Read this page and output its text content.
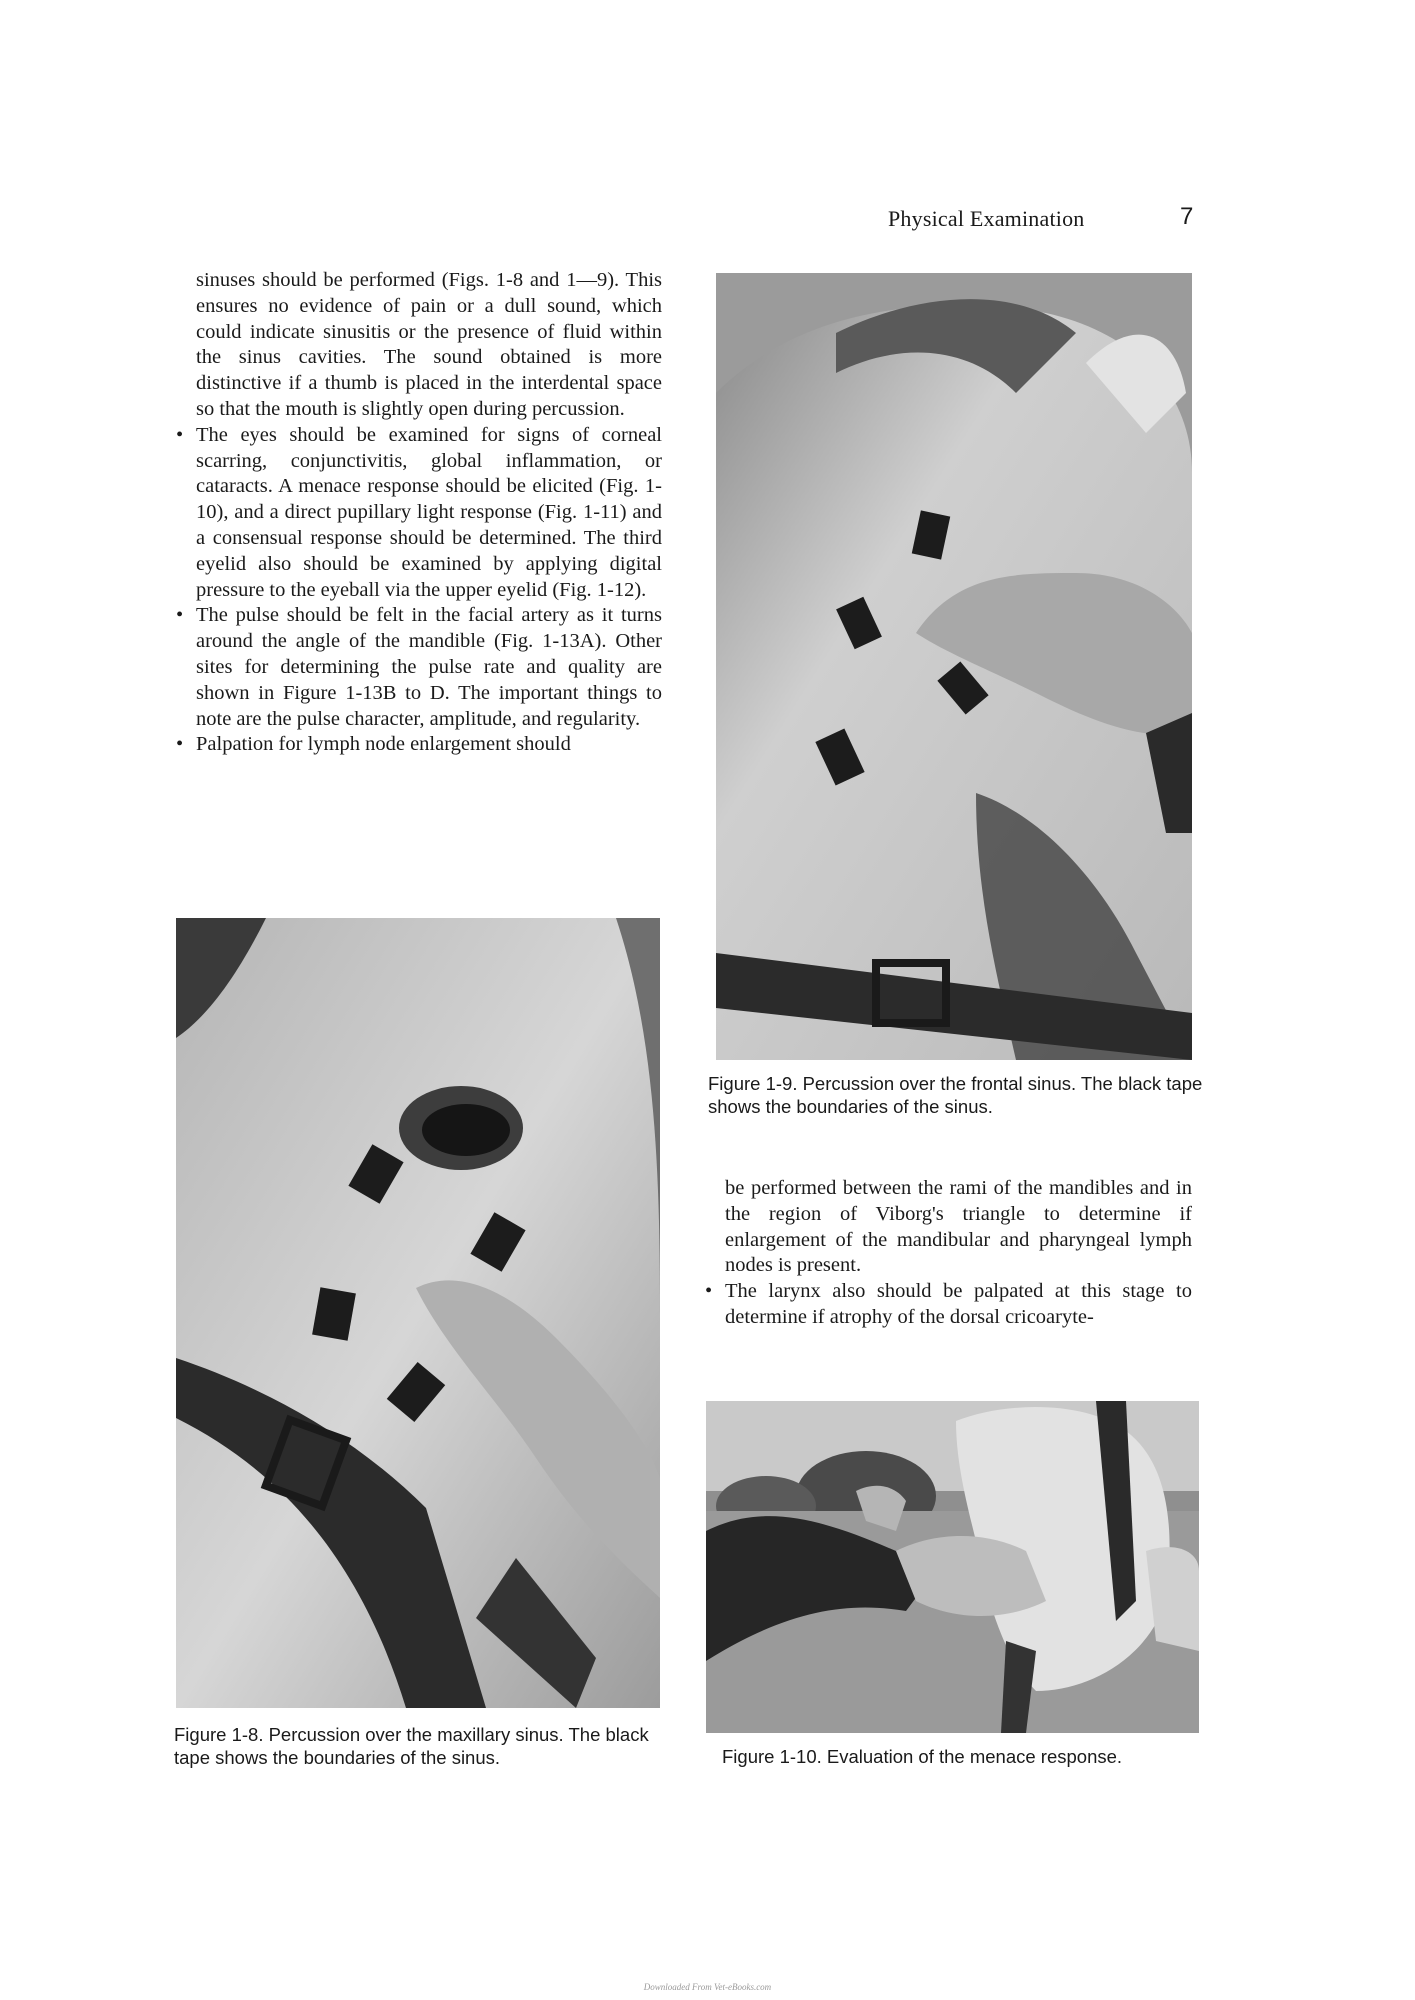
Physical Examination	7

sinuses should be performed (Figs. 1-8 and 1—9). This ensures no evidence of pain or a dull sound, which could indicate sinusitis or the presence of fluid within the sinus cavities. The sound obtained is more distinctive if a thumb is placed in the interdental space so that the mouth is slightly open during percussion.

• The eyes should be examined for signs of corneal scarring, conjunctivitis, global inflammation, or cataracts. A menace response should be elicited (Fig. 1-10), and a direct pupillary light response (Fig. 1-11) and a consensual response should be determined. The third eyelid also should be examined by applying digital pressure to the eyeball via the upper eyelid (Fig. 1-12).
• The pulse should be felt in the facial artery as it turns around the angle of the mandible (Fig. 1-13A). Other sites for determining the pulse rate and quality are shown in Figure 1-13B to D. The important things to note are the pulse character, amplitude, and regularity.
• Palpation for lymph node enlargement should
Figure 1-9. Percussion over the frontal sinus. The black tape shows the boundaries of the sinus.
Figure 1-8. Percussion over the maxillary sinus. The black tape shows the boundaries of the sinus.

be performed between the rami of the mandibles and in the region of Viborg's triangle to determine if enlargement of the mandibular and pharyngeal lymph nodes is present.

• The larynx also should be palpated at this stage to determine if atrophy of the dorsal cricoaryte-
Figure 1-10. Evaluation of the menace response.
Downloaded From Vet-eBooks.com
